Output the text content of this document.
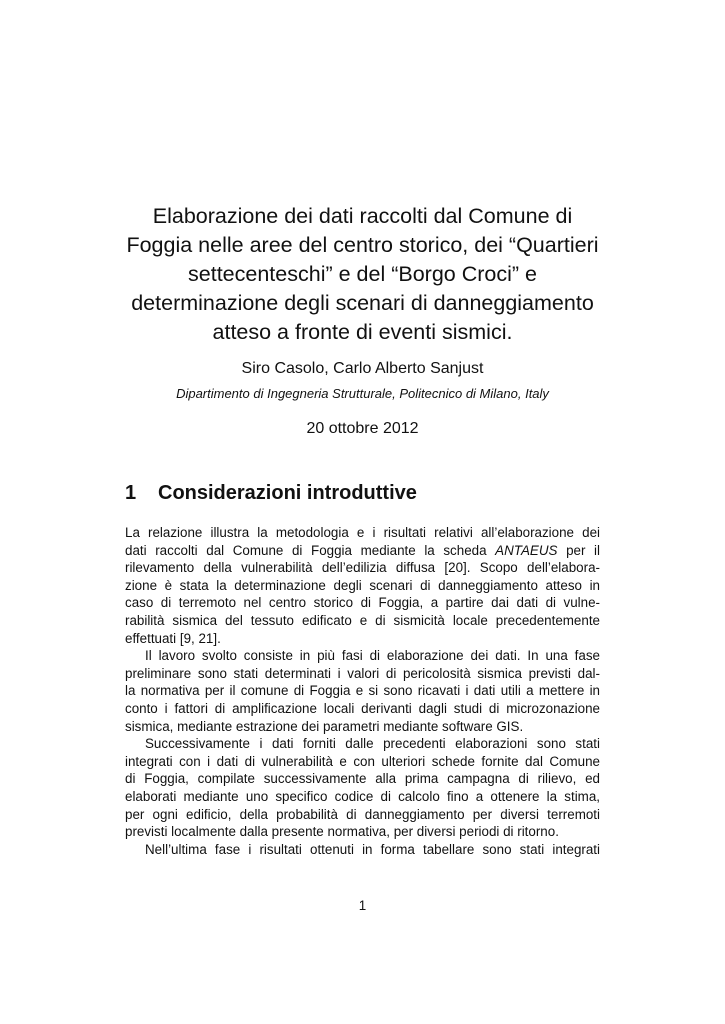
Elaborazione dei dati raccolti dal Comune di
Foggia nelle aree del centro storico, dei “Quartieri
settecenteschi” e del “Borgo Croci” e
determinazione degli scenari di danneggiamento
atteso a fronte di eventi sismici.

Siro Casolo, Carlo Alberto Sanjust

Dipartimento di Ingegneria Strutturale, Politecnico di Milano, Italy

20 ottobre 2012

1 Considerazioni introduttive
La relazione illustra la metodologia e i risultati relativi all’elaborazione dei
dati raccolti dal Comune di Foggia mediante la scheda ANTAEUS per il
rilevamento della vulnerabilità dell’edilizia diffusa [20]. Scopo dell’elabora-
zione è stata la determinazione degli scenari di danneggiamento atteso in
caso di terremoto nel centro storico di Foggia, a partire dai dati di vulne-
rabilità sismica del tessuto edificato e di sismicità locale precedentemente
effettuati [9, 21].
Il lavoro svolto consiste in più fasi di elaborazione dei dati. In una fase
preliminare sono stati determinati i valori di pericolosità sismica previsti dal-
la normativa per il comune di Foggia e si sono ricavati i dati utili a mettere in
conto i fattori di amplificazione locali derivanti dagli studi di microzonazione
sismica, mediante estrazione dei parametri mediante software GIS.
Successivamente i dati forniti dalle precedenti elaborazioni sono stati
integrati con i dati di vulnerabilità e con ulteriori schede fornite dal Comune
di Foggia, compilate successivamente alla prima campagna di rilievo, ed
elaborati mediante uno specifico codice di calcolo fino a ottenere la stima,
per ogni edificio, della probabilità di danneggiamento per diversi terremoti
previsti localmente dalla presente normativa, per diversi periodi di ritorno.
Nell’ultima fase i risultati ottenuti in forma tabellare sono stati integrati

1
